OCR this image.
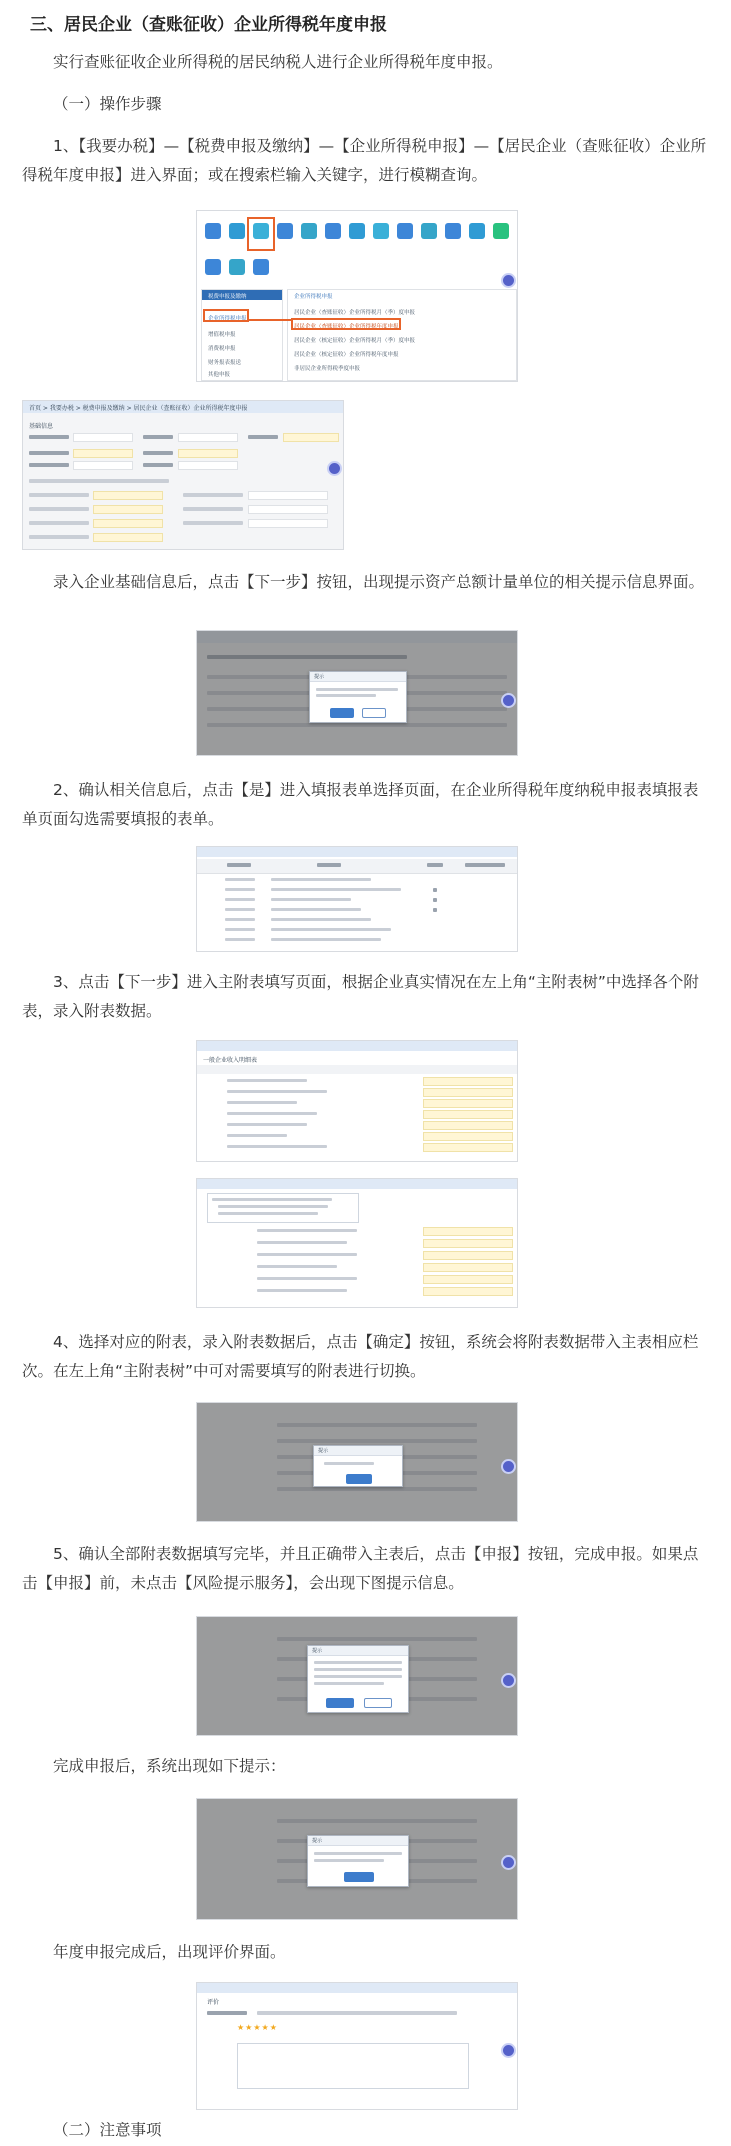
三、居民企业（查账征收）企业所得税年度申报
实行查账征收企业所得税的居民纳税人进行企业所得税年度申报。
（一）操作步骤
1、【我要办税】—【税费申报及缴纳】—【企业所得税申报】—【居民企业（查账征收）企业所得税年度申报】进入界面；或在搜索栏输入关键字，进行模糊查询。
税费申报及缴纳
企业所得税申报
增值税申报
消费税申报
财务报表报送
其他申报
企业所得税申报
居民企业（查账征收）企业所得税月（季）度申报
居民企业（查账征收）企业所得税年度申报
居民企业（核定征收）企业所得税月（季）度申报
居民企业（核定征收）企业所得税年度申报
非居民企业所得税季度申报
首页 > 我要办税 > 税费申报及缴纳 > 居民企业（查账征收）企业所得税年度申报
基础信息
录入企业基础信息后，点击【下一步】按钮，出现提示资产总额计量单位的相关提示信息界面。
提示
2、确认相关信息后，点击【是】进入填报表单选择页面，在企业所得税年度纳税申报表填报表单页面勾选需要填报的表单。
3、点击【下一步】进入主附表填写页面，根据企业真实情况在左上角“主附表树”中选择各个附表，录入附表数据。
一般企业收入明细表
4、选择对应的附表，录入附表数据后，点击【确定】按钮，系统会将附表数据带入主表相应栏次。在左上角“主附表树”中可对需要填写的附表进行切换。
提示
5、确认全部附表数据填写完毕，并且正确带入主表后，点击【申报】按钮，完成申报。如果点击【申报】前，未点击【风险提示服务】，会出现下图提示信息。
提示
完成申报后，系统出现如下提示：
提示
年度申报完成后，出现评价界面。
评价
★★★★★
（二）注意事项
